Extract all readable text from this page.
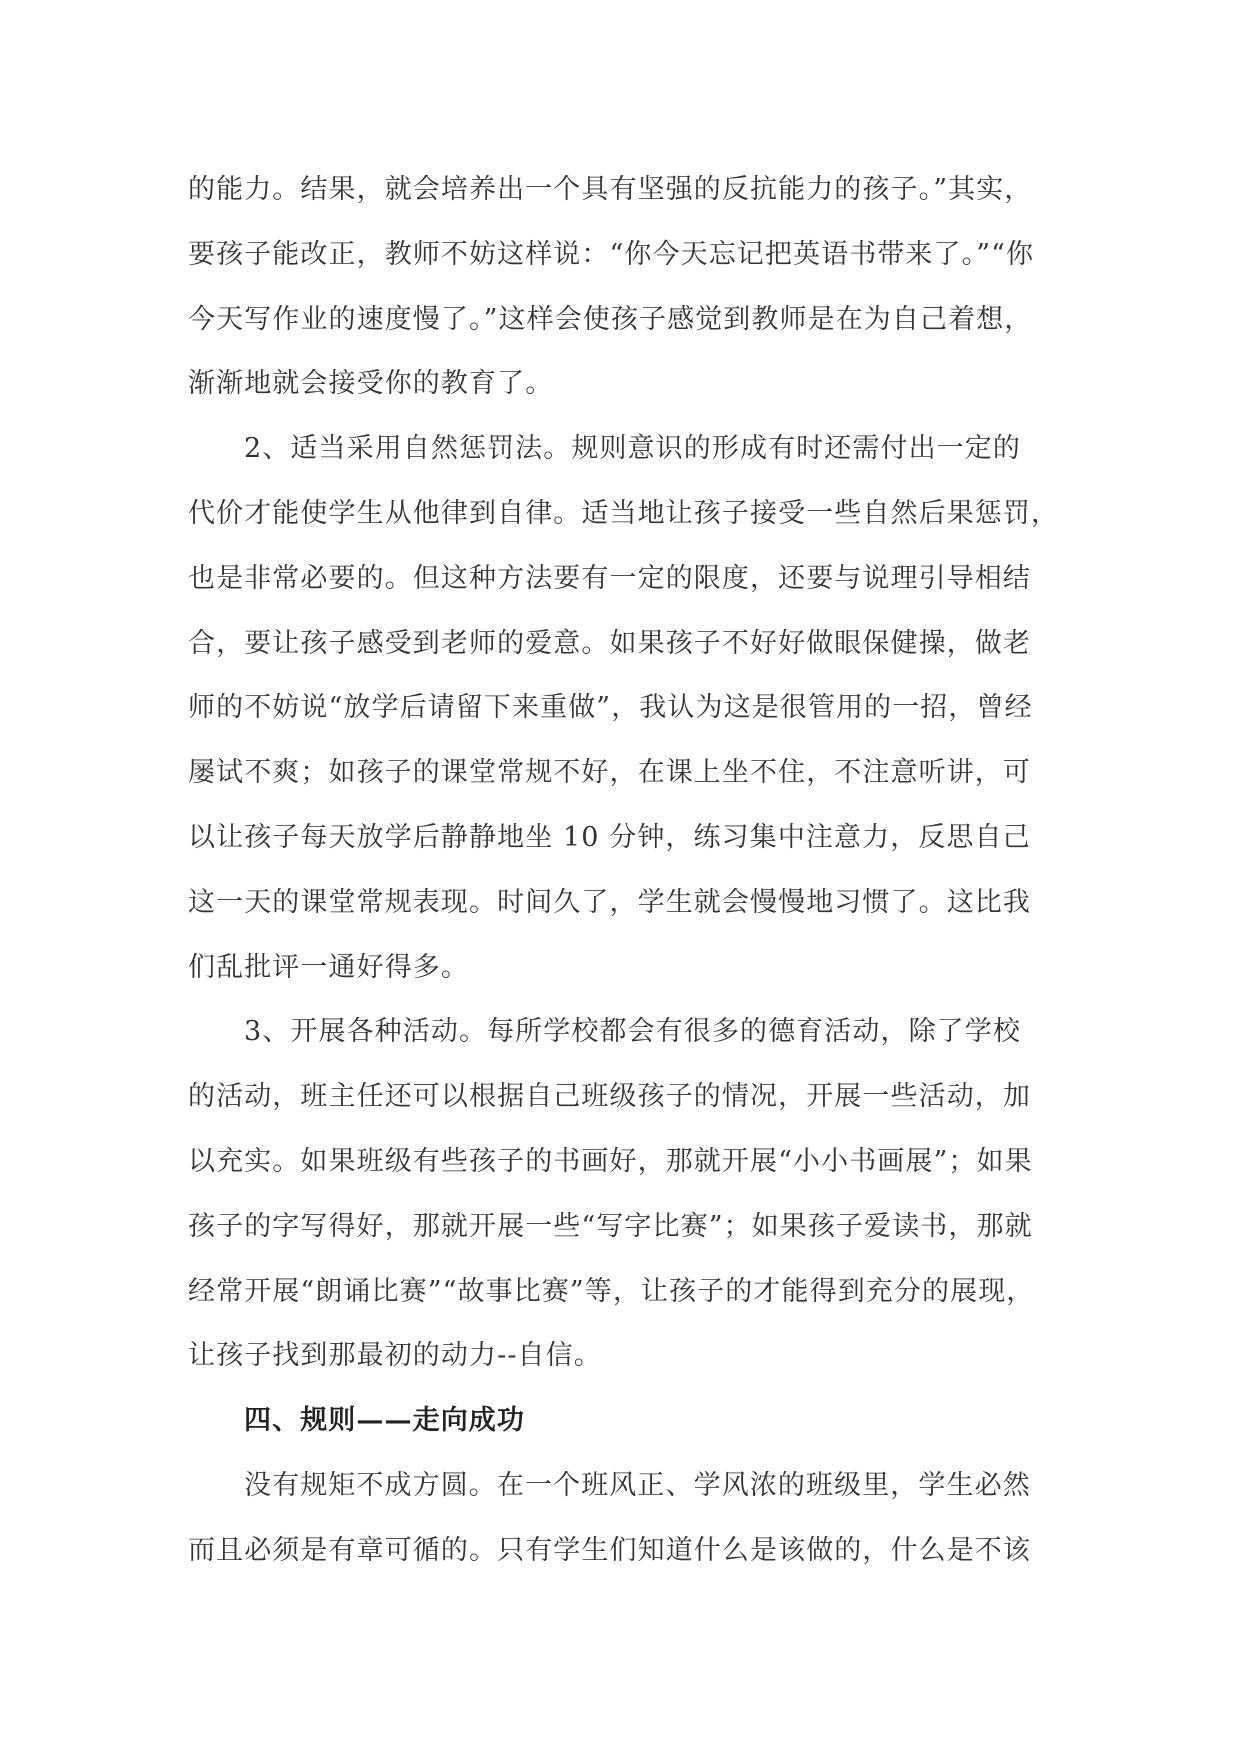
的能力。结果，就会培养出一个具有坚强的反抗能力的孩子。”其实，
要孩子能改正，教师不妨这样说：“你今天忘记把英语书带来了。”“你
今天写作业的速度慢了。”这样会使孩子感觉到教师是在为自己着想，
渐渐地就会接受你的教育了。
2、适当采用自然惩罚法。规则意识的形成有时还需付出一定的
代价才能使学生从他律到自律。适当地让孩子接受一些自然后果惩罚，
也是非常必要的。但这种方法要有一定的限度，还要与说理引导相结
合，要让孩子感受到老师的爱意。如果孩子不好好做眼保健操，做老
师的不妨说“放学后请留下来重做”，我认为这是很管用的一招，曾经
屡试不爽；如孩子的课堂常规不好，在课上坐不住，不注意听讲，可
以让孩子每天放学后静静地坐 10 分钟，练习集中注意力，反思自己
这一天的课堂常规表现。时间久了，学生就会慢慢地习惯了。这比我
们乱批评一通好得多。
3、开展各种活动。每所学校都会有很多的德育活动，除了学校
的活动，班主任还可以根据自己班级孩子的情况，开展一些活动，加
以充实。如果班级有些孩子的书画好，那就开展“小小书画展”；如果
孩子的字写得好，那就开展一些“写字比赛”；如果孩子爱读书，那就
经常开展“朗诵比赛”“故事比赛”等，让孩子的才能得到充分的展现，
让孩子找到那最初的动力--自信。
四、规则——走向成功
没有规矩不成方圆。在一个班风正、学风浓的班级里，学生必然
而且必须是有章可循的。只有学生们知道什么是该做的，什么是不该
